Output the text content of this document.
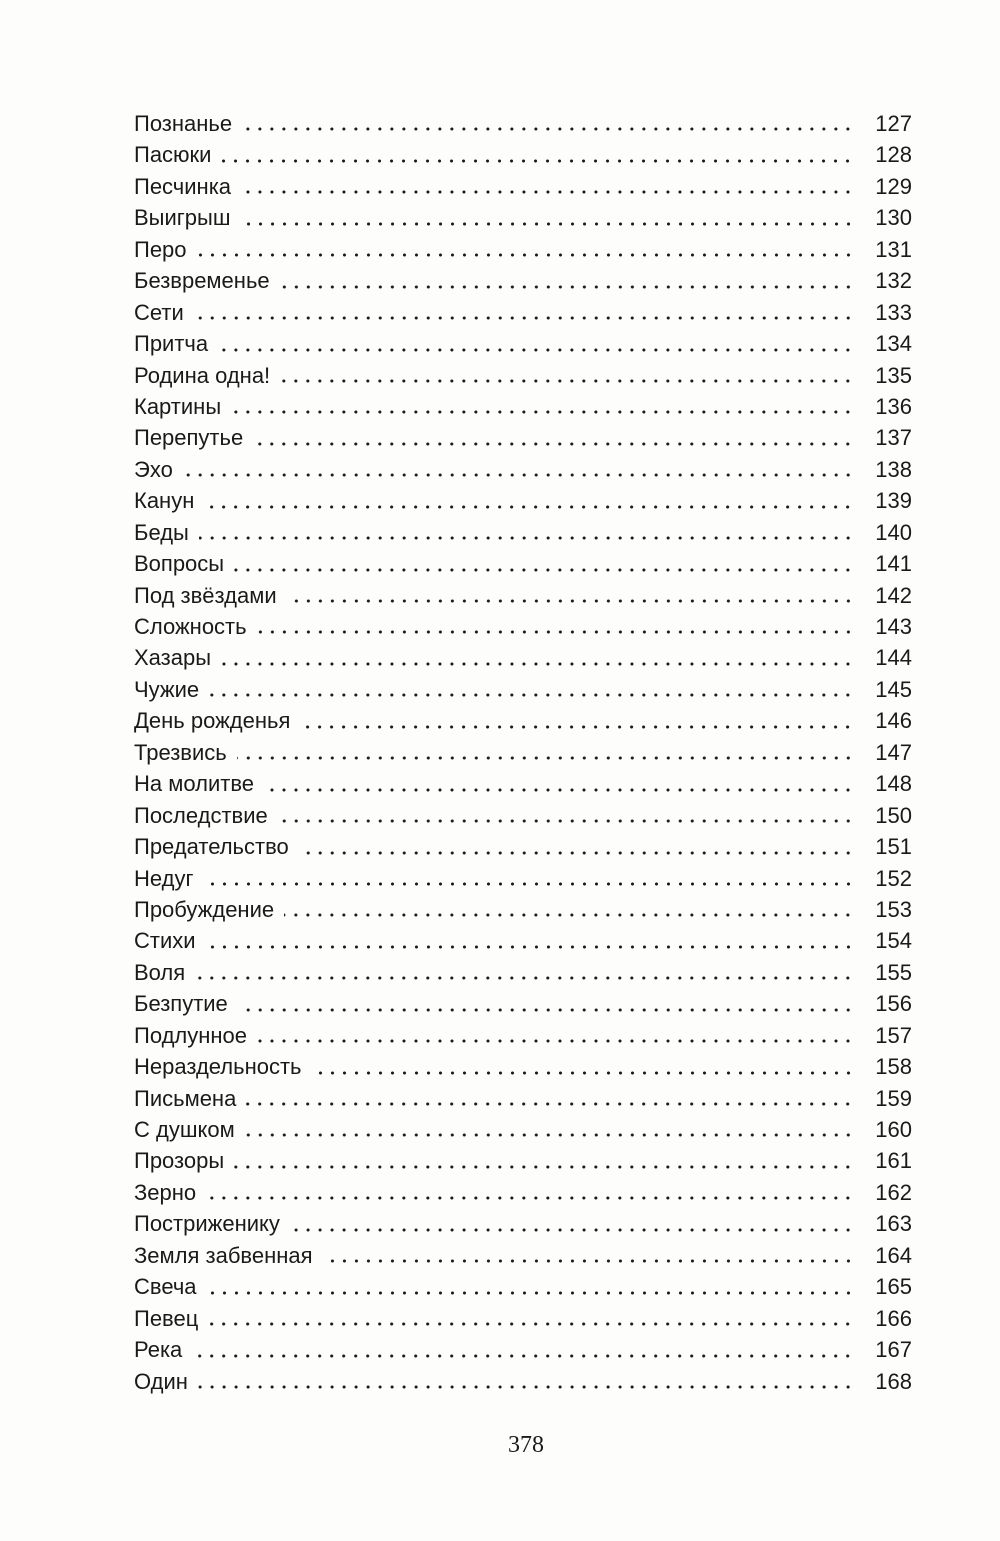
Познанье	127
Пасюки	128
Песчинка	129
Выигрыш	130
Перо	131
Безвременье	132
Сети	133
Притча	134
Родина одна!	135
Картины	136
Перепутье	137
Эхо	138
Канун	139
Беды	140
Вопросы	141
Под звёздами	142
Сложность	143
Хазары	144
Чужие	145
День рожденья	146
Трезвись	147
На молитве	148
Последствие	150
Предательство	151
Недуг	152
Пробуждение	153
Стихи	154
Воля	155
Безпутие	156
Подлунное	157
Нераздельность	158
Письмена	159
С душком	160
Прозоры	161
Зерно	162
Постриженику	163
Земля забвенная	164
Свеча	165
Певец	166
Река	167
Один	168
378
